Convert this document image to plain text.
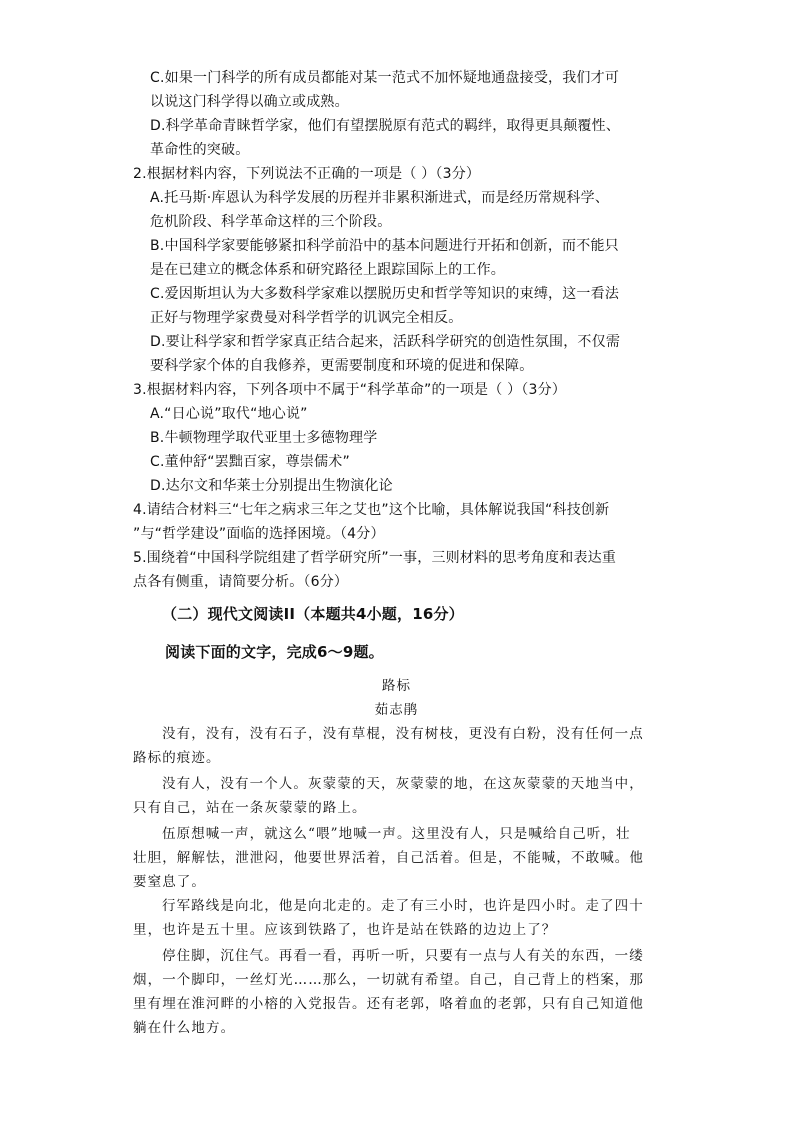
C.如果一门科学的所有成员都能对某一范式不加怀疑地通盘接受，我们才可
以说这门科学得以确立或成熟。
D.科学革命青睐哲学家，他们有望摆脱原有范式的羁绊，取得更具颠覆性、
革命性的突破。
2.根据材料内容，下列说法不正确的一项是（ ）（3分）
A.托马斯·库恩认为科学发展的历程并非累积渐进式，而是经历常规科学、
危机阶段、科学革命这样的三个阶段。
B.中国科学家要能够紧扣科学前沿中的基本问题进行开拓和创新，而不能只
是在已建立的概念体系和研究路径上跟踪国际上的工作。
C.爱因斯坦认为大多数科学家难以摆脱历史和哲学等知识的束缚，这一看法
正好与物理学家费曼对科学哲学的讥讽完全相反。
D.要让科学家和哲学家真正结合起来，活跃科学研究的创造性氛围，不仅需
要科学家个体的自我修养，更需要制度和环境的促进和保障。
3.根据材料内容，下列各项中不属于“科学革命”的一项是（ ）（3分）
A.“日心说”取代“地心说”
B.牛顿物理学取代亚里士多德物理学
C.董仲舒“罢黜百家，尊崇儒术”
D.达尔文和华莱士分别提出生物演化论
4.请结合材料三“七年之病求三年之艾也”这个比喻，具体解说我国“科技创新
”与“哲学建设”面临的选择困境。（4分）
5.围绕着“中国科学院组建了哲学研究所”一事，三则材料的思考角度和表达重
点各有侧重，请简要分析。（6分）
（二）现代文阅读II（本题共4小题，16分）
阅读下面的文字，完成6～9题。
路标
茹志鹃
没有，没有，没有石子，没有草棍，没有树枝，更没有白粉，没有任何一点
路标的痕迹。
没有人，没有一个人。灰蒙蒙的天，灰蒙蒙的地，在这灰蒙蒙的天地当中，
只有自己，站在一条灰蒙蒙的路上。
伍原想喊一声，就这么“喂”地喊一声。这里没有人，只是喊给自己听，壮
壮胆，解解怯，泄泄闷，他要世界活着，自己活着。但是，不能喊，不敢喊。他
要窒息了。
行军路线是向北，他是向北走的。走了有三小时，也许是四小时。走了四十
里，也许是五十里。应该到铁路了，也许是站在铁路的边边上了？
停住脚，沉住气。再看一看，再听一听，只要有一点与人有关的东西，一缕
烟，一个脚印，一丝灯光……那么，一切就有希望。自己，自己背上的档案，那
里有埋在淮河畔的小榕的入党报告。还有老郭，咯着血的老郭，只有自己知道他
躺在什么地方。
